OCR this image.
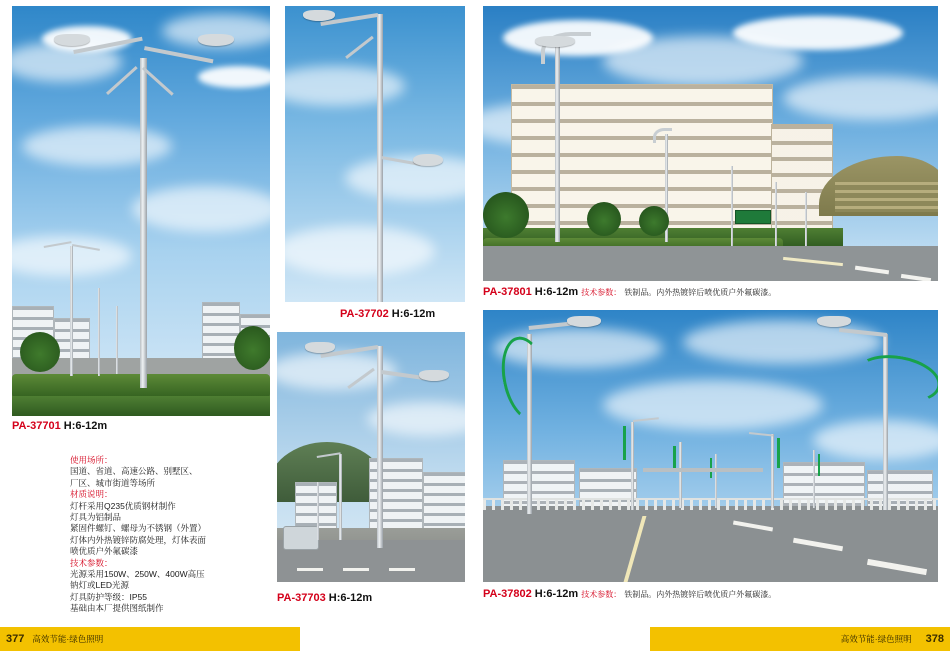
PA-37701 H:6-12m
使用场所：
国道、省道、高速公路、别墅区、
厂区、城市街道等场所
材质说明：
灯杆采用Q235优质钢材制作
灯具为铝制品
紧固件螺钉、螺母为不锈钢（外置）
灯体内外热镀锌防腐处理，灯体表面
喷优质户外氟碳漆
技术参数：
光源采用150W、250W、400W高压
钠灯或LED光源
灯具防护等级：IP55
基础由本厂提供图纸制作
PA-37702 H:6-12m
PA-37703 H:6-12m
PA-37801 H:6-12m 技术参数： 铁制品。内外热镀锌后喷优质户外氟碳漆。
PA-37802 H:6-12m 技术参数： 铁制品。内外热镀锌后喷优质户外氟碳漆。
377 高效节能·绿色照明	高效节能·绿色照明	378
